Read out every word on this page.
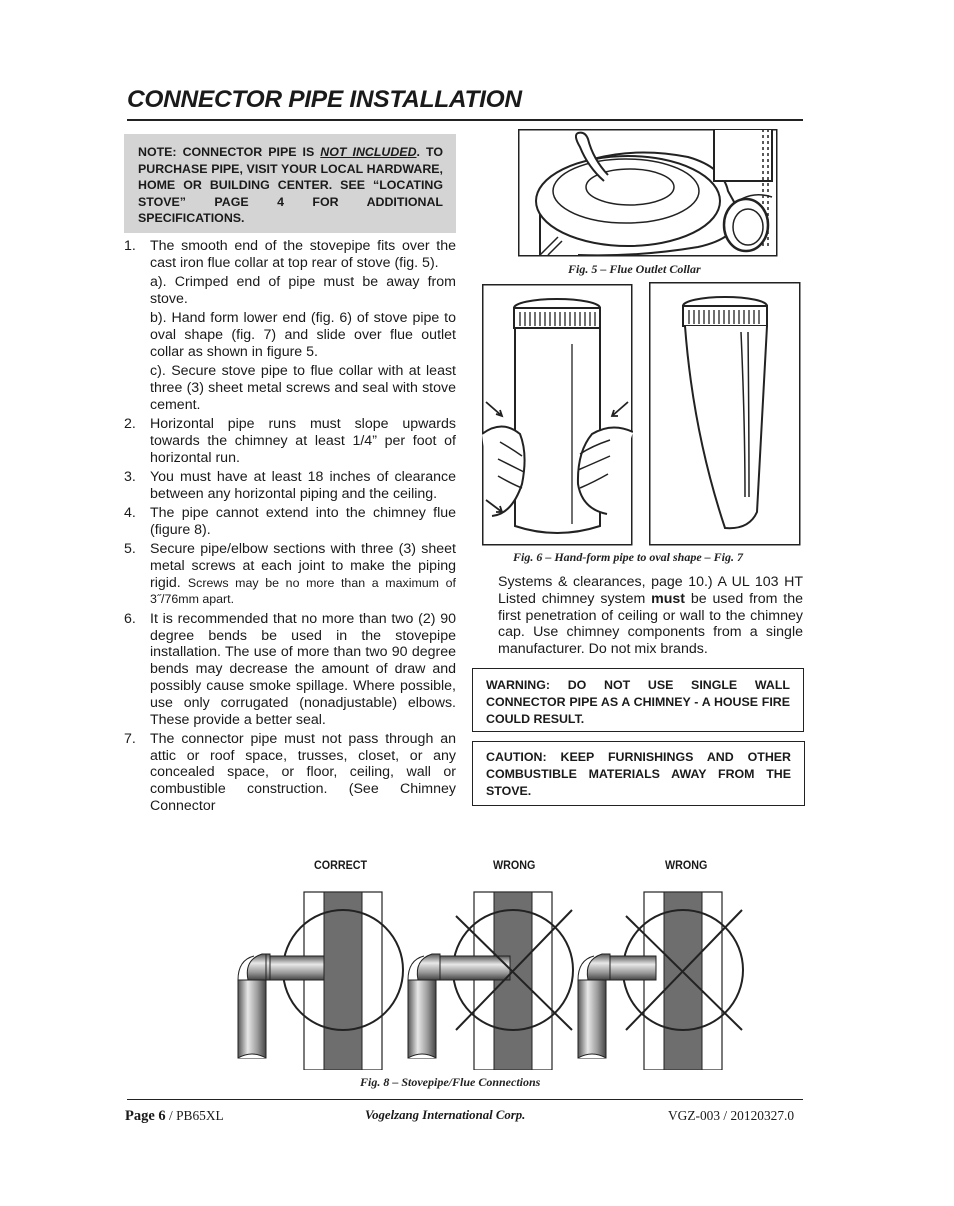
CONNECTOR PIPE INSTALLATION
NOTE: CONNECTOR PIPE IS NOT INCLUDED. TO PURCHASE PIPE, VISIT YOUR LOCAL HARDWARE, HOME OR BUILDING CENTER. SEE “LOCATING STOVE” PAGE 4 FOR ADDITIONAL SPECIFICATIONS.
1. The smooth end of the stovepipe fits over the cast iron flue collar at top rear of stove (fig. 5).

a). Crimped end of pipe must be away from stove.

b). Hand form lower end (fig. 6) of stove pipe to oval shape (fig. 7) and slide over flue outlet collar as shown in figure 5.

c). Secure stove pipe to flue collar with at least three (3) sheet metal screws and seal with stove cement.

2. Horizontal pipe runs must slope upwards towards the chimney at least 1/4” per foot of horizontal run.

3. You must have at least 18 inches of clearance between any horizontal piping and the ceiling.

4. The pipe cannot extend into the chimney flue (figure 8).

5. Secure pipe/elbow sections with three (3) sheet metal screws at each joint to make the piping rigid. Screws may be no more than a maximum of 3˝/76mm apart.

6. It is recommended that no more than two (2) 90 degree bends be used in the stovepipe installation. The use of more than two 90 degree bends may decrease the amount of draw and possibly cause smoke spillage. Where possible, use only corrugated (nonadjustable) elbows. These provide a better seal.

7. The connector pipe must not pass through an attic or roof space, trusses, closet, or any concealed space, or floor, ceiling, wall or combustible construction. (See Chimney Connector

Fig. 5 – Flue Outlet Collar
Fig. 6 – Hand-form pipe to oval shape – Fig. 7
Systems & clearances, page 10.) A UL 103 HT Listed chimney system must be used from the first penetration of ceiling or wall to the chimney cap. Use chimney components from a single manufacturer. Do not mix brands.
WARNING: DO NOT USE SINGLE WALL CONNECTOR PIPE AS A CHIMNEY - A HOUSE FIRE COULD RESULT.
CAUTION: KEEP FURNISHINGS AND OTHER COMBUSTIBLE MATERIALS AWAY FROM THE STOVE.
CORRECT	WRONG	WRONG
Fig. 8 – Stovepipe/Flue Connections
Page 6 / PB65XL	Vogelzang International Corp.	VGZ-003 / 20120327.0
